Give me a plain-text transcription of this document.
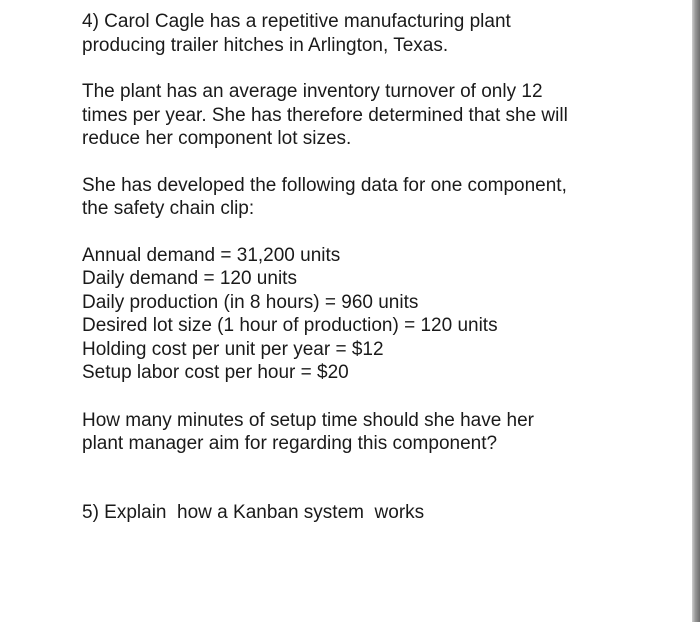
4) Carol Cagle has a repetitive manufacturing plant
producing trailer hitches in Arlington, Texas.

The plant has an average inventory turnover of only 12
times per year. She has therefore determined that she will
reduce her component lot sizes.

She has developed the following data for one component,
the safety chain clip:

Annual demand = 31,200 units
Daily demand = 120 units
Daily production (in 8 hours) = 960 units
Desired lot size (1 hour of production) = 120 units
Holding cost per unit per year = $12
Setup labor cost per hour = $20

How many minutes of setup time should she have her
plant manager aim for regarding this component?

5) Explain  how a Kanban system  works
